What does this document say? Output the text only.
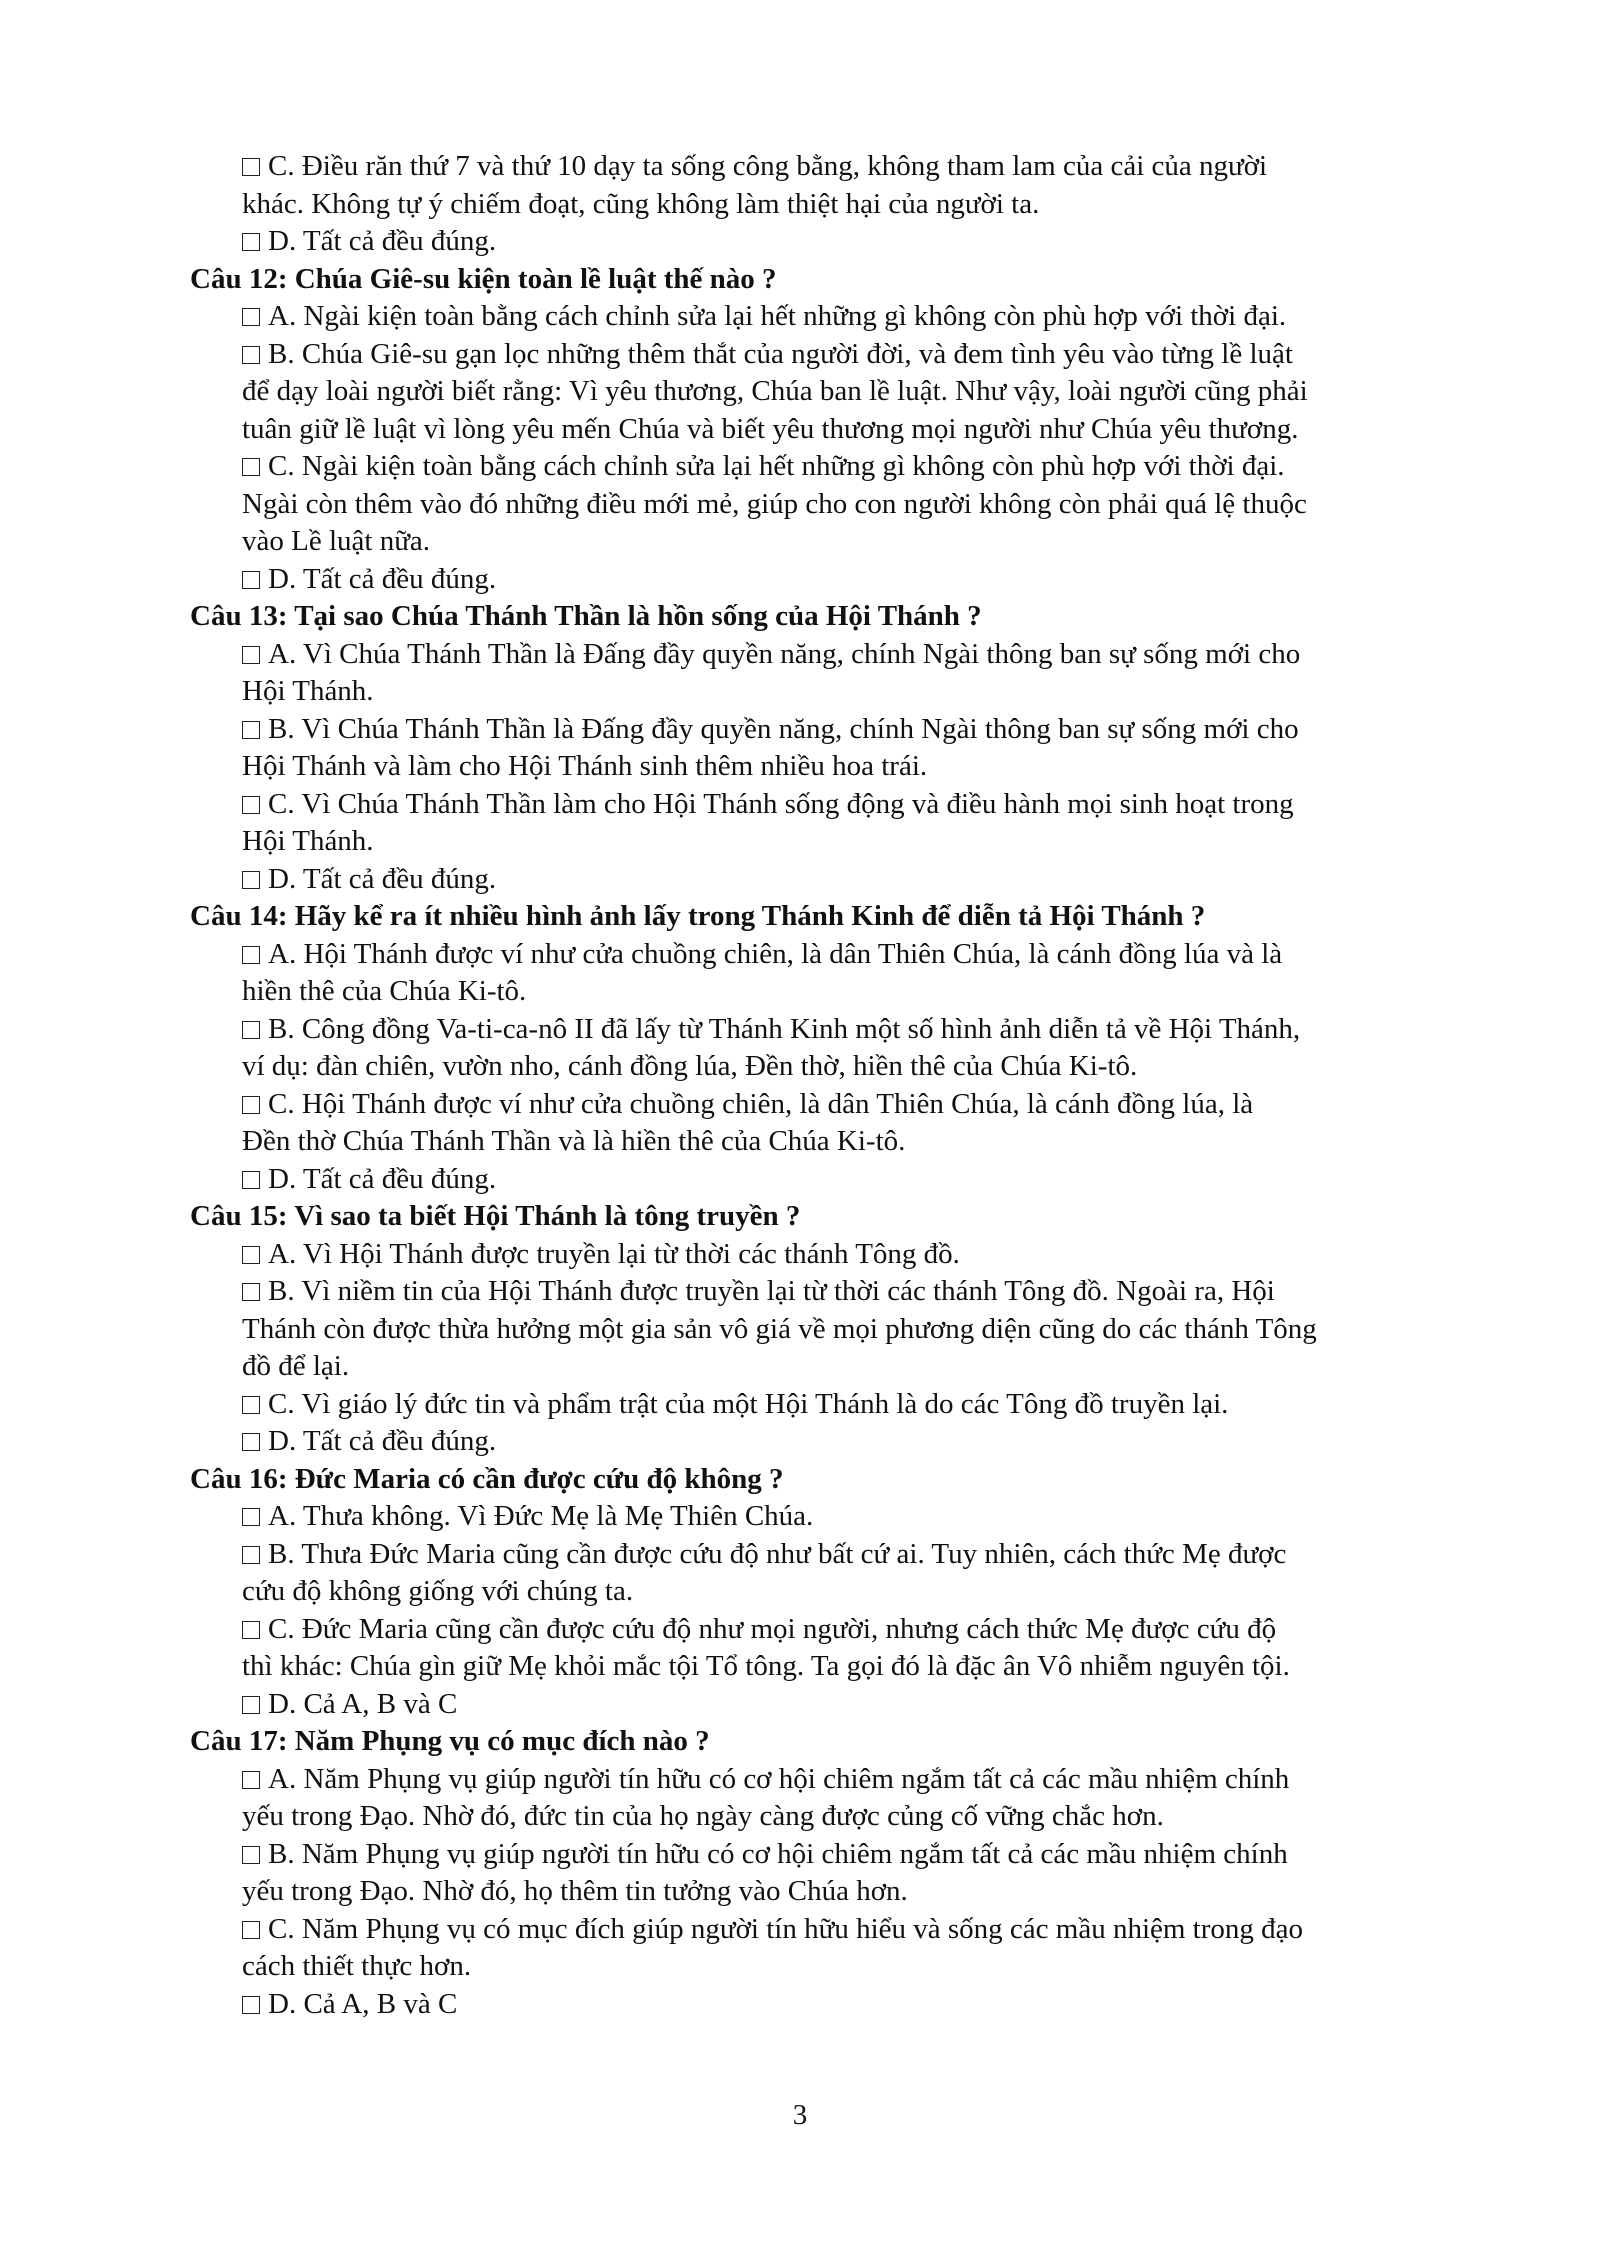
C. Điều răn thứ 7 và thứ 10 dạy ta sống công bằng, không tham lam của cải của người
khác. Không tự ý chiếm đoạt, cũng không làm thiệt hại của người ta.
D. Tất cả đều đúng.
Câu 12: Chúa Giê-su kiện toàn lề luật thế nào ?
A. Ngài kiện toàn bằng cách chỉnh sửa lại hết những gì không còn phù hợp với thời đại.
B. Chúa Giê-su gạn lọc những thêm thắt của người đời, và đem tình yêu vào từng lề luật
để dạy loài người biết rằng: Vì yêu thương, Chúa ban lề luật. Như vậy, loài người cũng phải
tuân giữ lề luật vì lòng yêu mến Chúa và biết yêu thương mọi người như Chúa yêu thương.
C. Ngài kiện toàn bằng cách chỉnh sửa lại hết những gì không còn phù hợp với thời đại.
Ngài còn thêm vào đó những điều mới mẻ, giúp cho con người không còn phải quá lệ thuộc
vào Lề luật nữa.
D. Tất cả đều đúng.
Câu 13: Tại sao Chúa Thánh Thần là hồn sống của Hội Thánh ?
A. Vì Chúa Thánh Thần là Đấng đầy quyền năng, chính Ngài thông ban sự sống mới cho
Hội Thánh.
B. Vì Chúa Thánh Thần là Đấng đầy quyền năng, chính Ngài thông ban sự sống mới cho
Hội Thánh và làm cho Hội Thánh sinh thêm nhiều hoa trái.
C. Vì Chúa Thánh Thần làm cho Hội Thánh sống động và điều hành mọi sinh hoạt trong
Hội Thánh.
D. Tất cả đều đúng.
Câu 14: Hãy kể ra ít nhiều hình ảnh lấy trong Thánh Kinh để diễn tả Hội Thánh ?
A. Hội Thánh được ví như cửa chuồng chiên, là dân Thiên Chúa, là cánh đồng lúa và là
hiền thê của Chúa Ki-tô.
B. Công đồng Va-ti-ca-nô II đã lấy từ Thánh Kinh một số hình ảnh diễn tả về Hội Thánh,
ví dụ: đàn chiên, vườn nho, cánh đồng lúa, Đền thờ, hiền thê của Chúa Ki-tô.
C. Hội Thánh được ví như cửa chuồng chiên, là dân Thiên Chúa, là cánh đồng lúa, là
Đền thờ Chúa Thánh Thần và là hiền thê của Chúa Ki-tô.
D. Tất cả đều đúng.
Câu 15: Vì sao ta biết Hội Thánh là tông truyền ?
A. Vì Hội Thánh được truyền lại từ thời các thánh Tông đồ.
B. Vì niềm tin của Hội Thánh được truyền lại từ thời các thánh Tông đồ. Ngoài ra, Hội
Thánh còn được thừa hưởng một gia sản vô giá về mọi phương diện cũng do các thánh Tông
đồ để lại.
C. Vì giáo lý đức tin và phẩm trật của một Hội Thánh là do các Tông đồ truyền lại.
D. Tất cả đều đúng.
Câu 16: Đức Maria có cần được cứu độ không ?
A. Thưa không. Vì Đức Mẹ là Mẹ Thiên Chúa.
B. Thưa Đức Maria cũng cần được cứu độ như bất cứ ai. Tuy nhiên, cách thức Mẹ được
cứu độ không giống với chúng ta.
C. Đức Maria cũng cần được cứu độ như mọi người, nhưng cách thức Mẹ được cứu độ
thì khác: Chúa gìn giữ Mẹ khỏi mắc tội Tổ tông. Ta gọi đó là đặc ân Vô nhiễm nguyên tội.
D. Cả A, B và C
Câu 17: Năm Phụng vụ có mục đích nào ?
A. Năm Phụng vụ giúp người tín hữu có cơ hội chiêm ngắm tất cả các mầu nhiệm chính
yếu trong Đạo. Nhờ đó, đức tin của họ ngày càng được củng cố vững chắc hơn.
B. Năm Phụng vụ giúp người tín hữu có cơ hội chiêm ngắm tất cả các mầu nhiệm chính
yếu trong Đạo. Nhờ đó, họ thêm tin tưởng vào Chúa hơn.
C. Năm Phụng vụ có mục đích giúp người tín hữu hiểu và sống các mầu nhiệm trong đạo
cách thiết thực hơn.
D. Cả A, B và C
3
